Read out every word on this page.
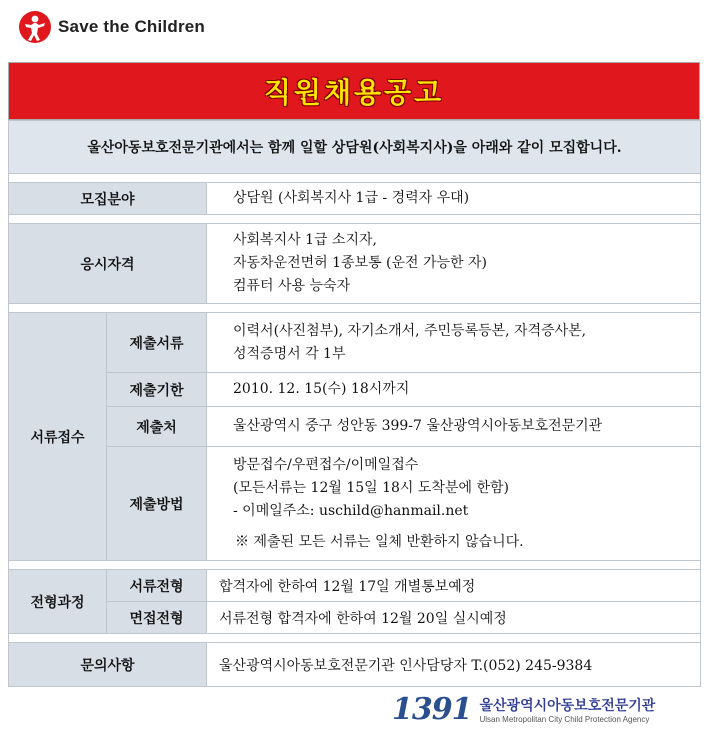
Save the Children
직원채용공고
울산아동보호전문기관에서는 함께 일할 상담원(사회복지사)을 아래와 같이 모집합니다.		

모집분야		상담원 (사회복지사 1급 - 경력자 우대)

응시자격		사회복지사 1급 소지자,
자동차운전면허 1종보통 (운전 가능한 자)
컴퓨터 사용 능숙자

서류접수	제출서류	이력서(사진첨부), 자기소개서, 주민등록등본, 자격증사본,
성적증명서 각 1부

	제출기한	2010. 12. 15(수) 18시까지
	제출처	울산광역시 중구 성안동 399-7 울산광역시아동보호전문기관
	제출방법	방문접수/우편접수/이메일접수
(모든서류는 12월 15일 18시 도착분에 한함)
- 이메일주소: uschild@hanmail.net
※ 제출된 모든 서류는 일체 반환하지 않습니다.

전형과정	서류전형	합격자에 한하여 12월 17일 개별통보예정
	면접전형	서류전형 합격자에 한하여 12월 20일 실시예정

문의사항		울산광역시아동보호전문기관 인사담당자 T.(052) 245-9384
1391 울산광역시아동보호전문기관
Ulsan Metropolitan City Child Protection Agency
